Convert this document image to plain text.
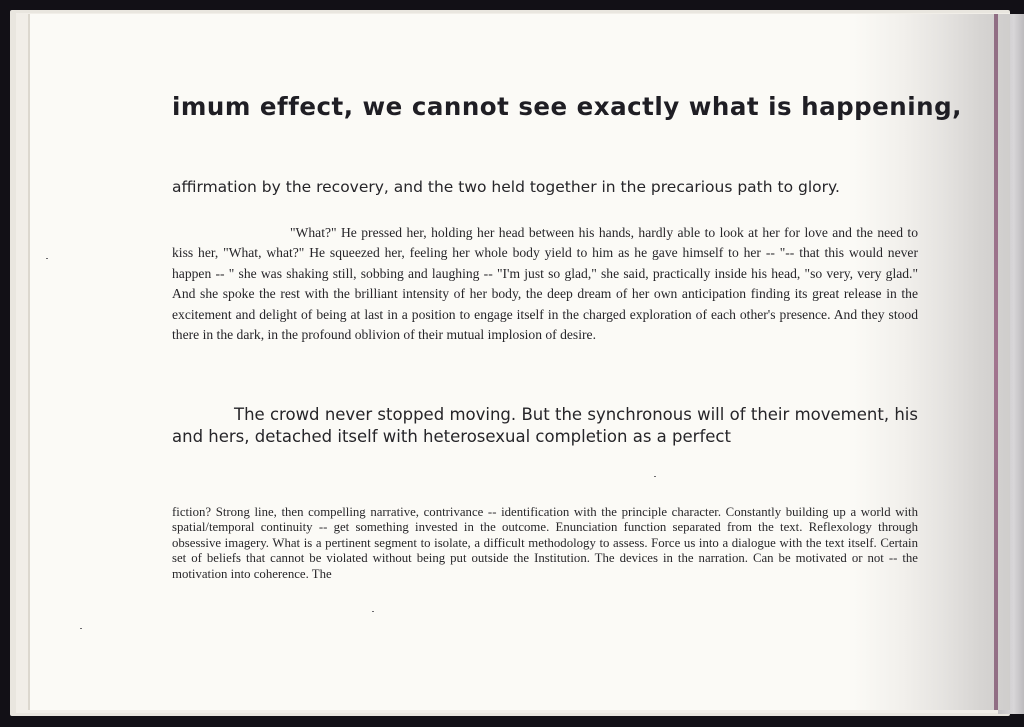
imum effect, we cannot see exactly what is happening,
affirmation by the recovery, and the two held together in the precarious path to glory.
"What?" He pressed her, holding her head between his hands, hardly able to look at her for love and the need to kiss her, "What, what?" He squeezed her, feeling her whole body yield to him as he gave himself to her -- "-- that this would never happen -- " she was shaking still, sobbing and laughing -- "I'm just so glad," she said, practically inside his head, "so very, very glad." And she spoke the rest with the brilliant intensity of her body, the deep dream of her own anticipation finding its great release in the excitement and delight of being at last in a position to engage itself in the charged exploration of each other's presence. And they stood there in the dark, in the profound oblivion of their mutual implosion of desire.
The crowd never stopped moving. But the synchronous will of their movement, his and hers, detached itself with heterosexual completion as a perfect
fiction? Strong line, then compelling narrative, contrivance -- identification with the principle character. Constantly building up a world with spatial/temporal continuity -- get something invested in the outcome. Enunciation function separated from the text. Reflexology through obsessive imagery. What is a pertinent segment to isolate, a difficult methodology to assess. Force us into a dialogue with the text itself. Certain set of beliefs that cannot be violated without being put outside the Institution. The devices in the narration. Can be motivated or not -- the motivation into coherence. The
